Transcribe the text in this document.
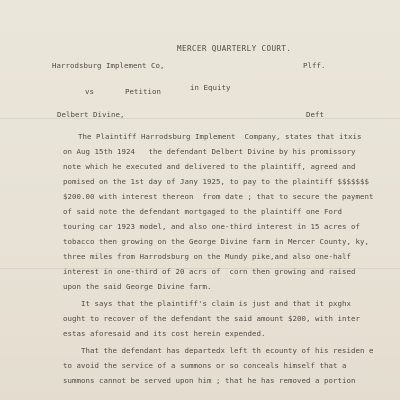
MERCER QUARTERLY COURT.
Harrodsburg Implement Co,	Plff.
vs	Petition	in Equity
Delbert Divine,	Deft
The Plaintiff Harrodsburg Implement  Company, states that itxis
on Aug 15th 1924   the defendant Delbert Divine by his promissory
note which he executed and delivered to the plaintiff, agreed and
pomised on the 1st day of Jany 1925, to pay to the plaintiff $$$$$$$
$200.00 with interest thereon  from date ; that to secure the payment
of said note the defendant mortgaged to the plaintiff one Ford
touring car 1923 model, and also one-third interest in 15 acres of
tobacco then growing on the George Divine farm in Mercer County, ky,
three miles from Harrodsburg on the Mundy pike,and also one-half
interest in one-third of 20 acrs of  corn then growing and raised
upon the said George Divine farm.
It says that the plaintiff's claim is just and that it pxghx
ought to recover of the defendant the said amount $200, with inter
estas aforesaid and its cost herein expended.
That the defendant has departedx left th ecounty of his residen e
to avoid the service of a summons or so conceals himself that a
summons cannot be served upon him ; that he has removed a portion
